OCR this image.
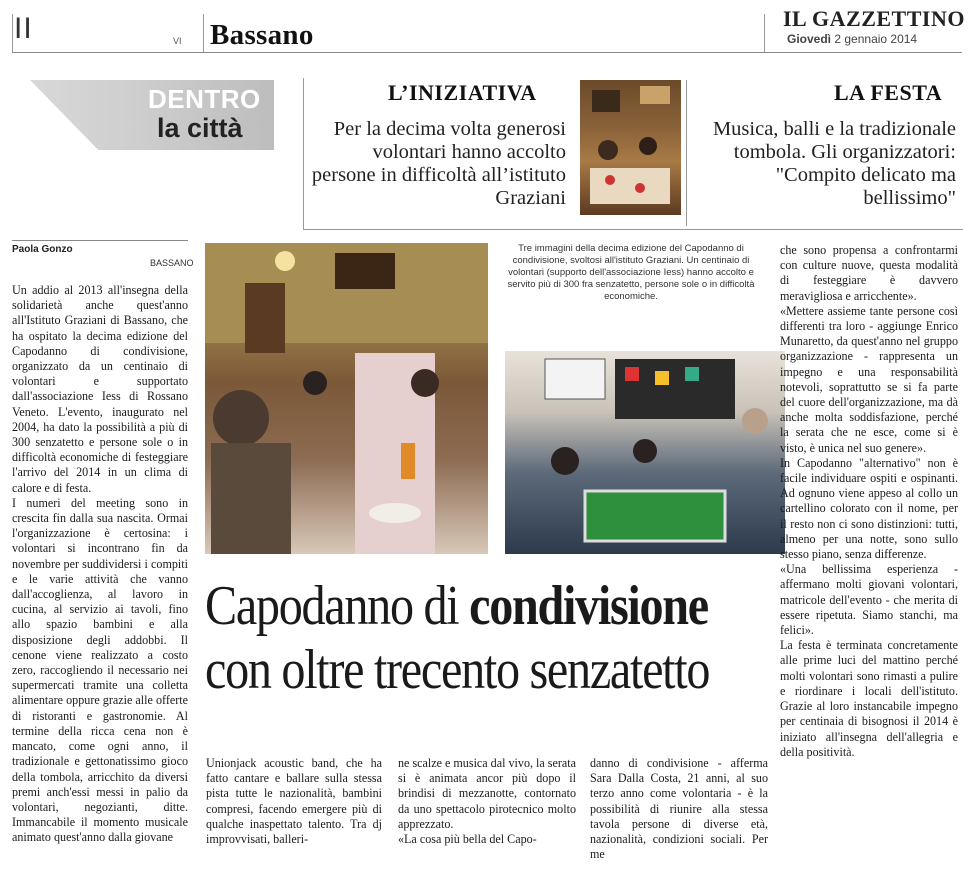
II	VI Bassano
IL GAZZETTINO
Giovedì 2 gennaio 2014
DENTRO
la città
L’INIZIATIVA
Per la decima volta generosi volontari hanno accolto persone in difficoltà all’istituto Graziani
LA FESTA
Musica, balli e la tradizionale tombola. Gli organizzatori: "Compito delicato ma bellissimo"
Paola Gonzo
BASSANO
Tre immagini della decima edizione del Capodanno di condivisione, svoltosi all'istituto Graziani. Un centinaio di volontari (supporto dell'associazione Iess) hanno accolto e servito più di 300 fra senzatetto, persone sole o in difficoltà economiche.

Un addio al 2013 all'insegna della solidarietà anche quest'anno all'Istituto Graziani di Bassano, che ha ospitato la decima edizione del Capodanno di condivisione, organizzato da un centinaio di volontari e supportato dall'associazione Iess di Rossano Veneto. L'evento, inaugurato nel 2004, ha dato la possibilità a più di 300 senzatetto e persone sole o in difficoltà economiche di festeggiare l'arrivo del 2014 in un clima di calore e di festa.

I numeri del meeting sono in crescita fin dalla sua nascita. Ormai l'organizzazione è certosina: i volontari si incontrano fin da novembre per suddividersi i compiti e le varie attività che vanno dall'accoglienza, al lavoro in cucina, al servizio ai tavoli, fino allo spazio bambini e alla disposizione degli addobbi. Il cenone viene realizzato a costo zero, raccogliendo il necessario nei supermercati tramite una colletta alimentare oppure grazie alle offerte di ristoranti e gastronomie. Al termine della ricca cena non è mancato, come ogni anno, il tradizionale e gettonatissimo gioco della tombola, arricchito da diversi premi anch'essi messi in palio da volontari, negozianti, ditte. Immancabile il momento musicale animato quest'anno dalla giovane

Capodanno di condivisione
con oltre trecento senzatetto

Unionjack acoustic band, che ha fatto cantare e ballare sulla stessa pista tutte le nazionalità, bambini compresi, facendo emergere più di qualche inaspettato talento. Tra dj improvvisati, balleri-

ne scalze e musica dal vivo, la serata si è animata ancor più dopo il brindisi di mezzanotte, contornato da uno spettacolo pirotecnico molto apprezzato.

«La cosa più bella del Capo-

danno di condivisione - afferma Sara Dalla Costa, 21 anni, al suo terzo anno come volontaria - è la possibilità di riunire alla stessa tavola persone di diverse età, nazionalità, condizioni sociali. Per me

che sono propensa a confrontarmi con culture nuove, questa modalità di festeggiare è davvero meravigliosa e arricchente».

«Mettere assieme tante persone così differenti tra loro - aggiunge Enrico Munaretto, da quest'anno nel gruppo organizzazione - rappresenta un impegno e una responsabilità notevoli, soprattutto se si fa parte del cuore dell'organizzazione, ma dà anche molta soddisfazione, perché la serata che ne esce, come si è visto, è unica nel suo genere».

In Capodanno "alternativo" non è facile individuare ospiti e ospinanti. Ad ognuno viene appeso al collo un cartellino colorato con il nome, per il resto non ci sono distinzioni: tutti, almeno per una notte, sono sullo stesso piano, senza differenze.

«Una bellissima esperienza - affermano molti giovani volontari, matricole dell'evento - che merita di essere ripetuta. Siamo stanchi, ma felici».

La festa è terminata concretamente alle prime luci del mattino perché molti volontari sono rimasti a pulire e riordinare i locali dell'istituto. Grazie al loro instancabile impegno per centinaia di bisognosi il 2014 è iniziato all'insegna dell'allegria e della positività.
